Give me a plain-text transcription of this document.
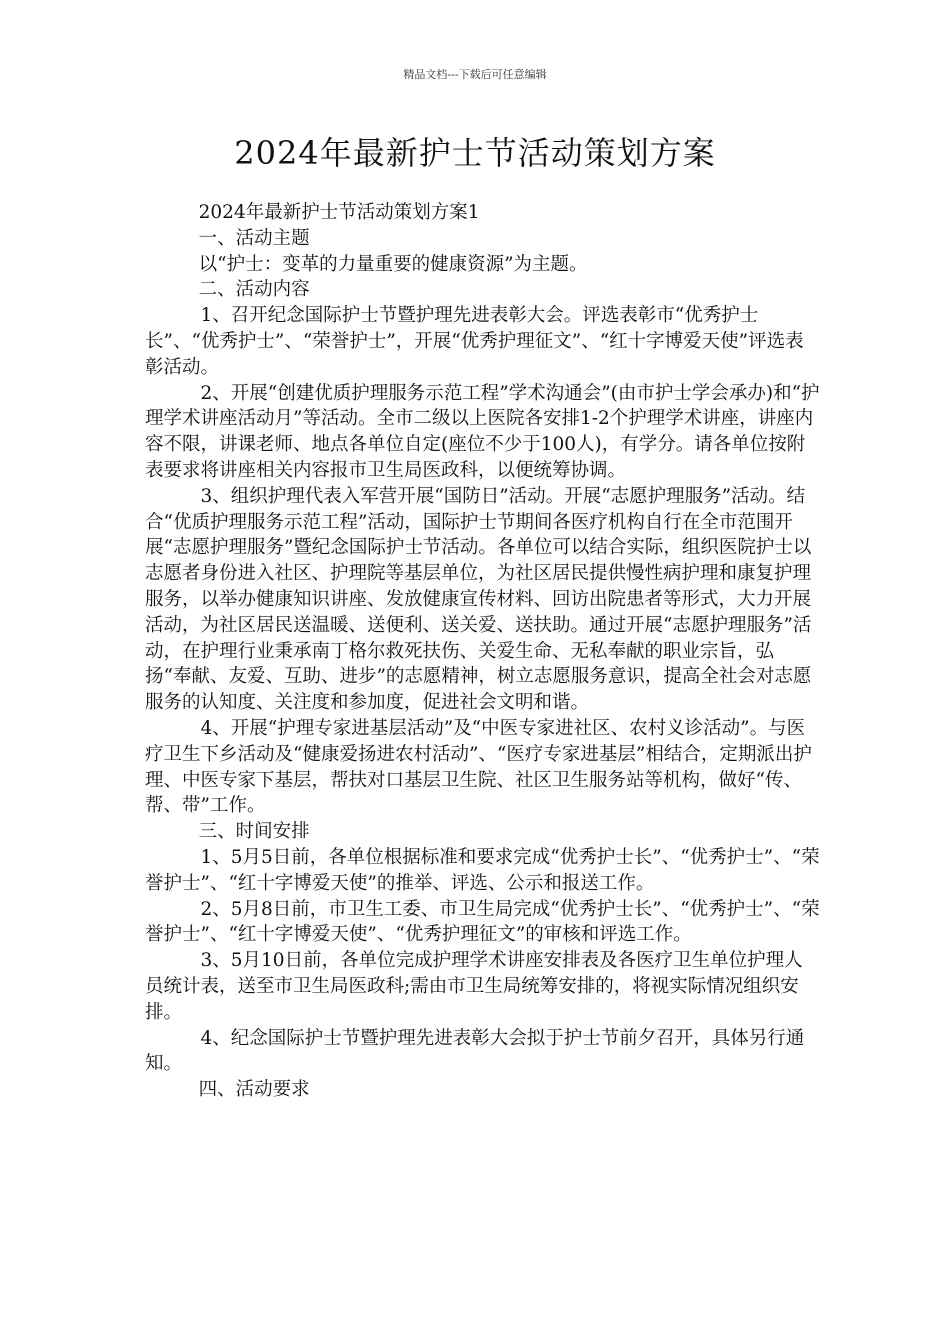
精品文档---下载后可任意编辑
2024年最新护士节活动策划方案

2024年最新护士节活动策划方案1

一、活动主题

以“护士：变革的力量重要的健康资源”为主题。

二、活动内容

1、召开纪念国际护士节暨护理先进表彰大会。评选表彰市“优秀护士长”、“优秀护士”、“荣誉护士”，开展“优秀护理征文”、“红十字博爱天使”评选表彰活动。

2、开展“创建优质护理服务示范工程”学术沟通会”(由市护士学会承办)和“护理学术讲座活动月”等活动。全市二级以上医院各安排1-2个护理学术讲座，讲座内容不限，讲课老师、地点各单位自定(座位不少于100人)，有学分。请各单位按附表要求将讲座相关内容报市卫生局医政科，以便统筹协调。

3、组织护理代表入军营开展“国防日”活动。开展“志愿护理服务”活动。结合“优质护理服务示范工程”活动，国际护士节期间各医疗机构自行在全市范围开展“志愿护理服务”暨纪念国际护士节活动。各单位可以结合实际，组织医院护士以志愿者身份进入社区、护理院等基层单位，为社区居民提供慢性病护理和康复护理服务，以举办健康知识讲座、发放健康宣传材料、回访出院患者等形式，大力开展活动，为社区居民送温暖、送便利、送关爱、送扶助。通过开展“志愿护理服务”活动，在护理行业秉承南丁格尔救死扶伤、关爱生命、无私奉献的职业宗旨，弘扬“奉献、友爱、互助、进步”的志愿精神，树立志愿服务意识，提高全社会对志愿服务的认知度、关注度和参加度，促进社会文明和谐。

4、开展“护理专家进基层活动”及“中医专家进社区、农村义诊活动”。与医疗卫生下乡活动及“健康爱扬进农村活动”、“医疗专家进基层”相结合，定期派出护理、中医专家下基层，帮扶对口基层卫生院、社区卫生服务站等机构，做好“传、帮、带”工作。

三、时间安排

1、5月5日前，各单位根据标准和要求完成“优秀护士长”、“优秀护士”、“荣誉护士”、“红十字博爱天使”的推举、评选、公示和报送工作。

2、5月8日前，市卫生工委、市卫生局完成“优秀护士长”、“优秀护士”、“荣誉护士”、“红十字博爱天使”、“优秀护理征文”的审核和评选工作。

3、5月10日前，各单位完成护理学术讲座安排表及各医疗卫生单位护理人员统计表，送至市卫生局医政科;需由市卫生局统筹安排的，将视实际情况组织安排。

4、纪念国际护士节暨护理先进表彰大会拟于护士节前夕召开，具体另行通知。

四、活动要求
